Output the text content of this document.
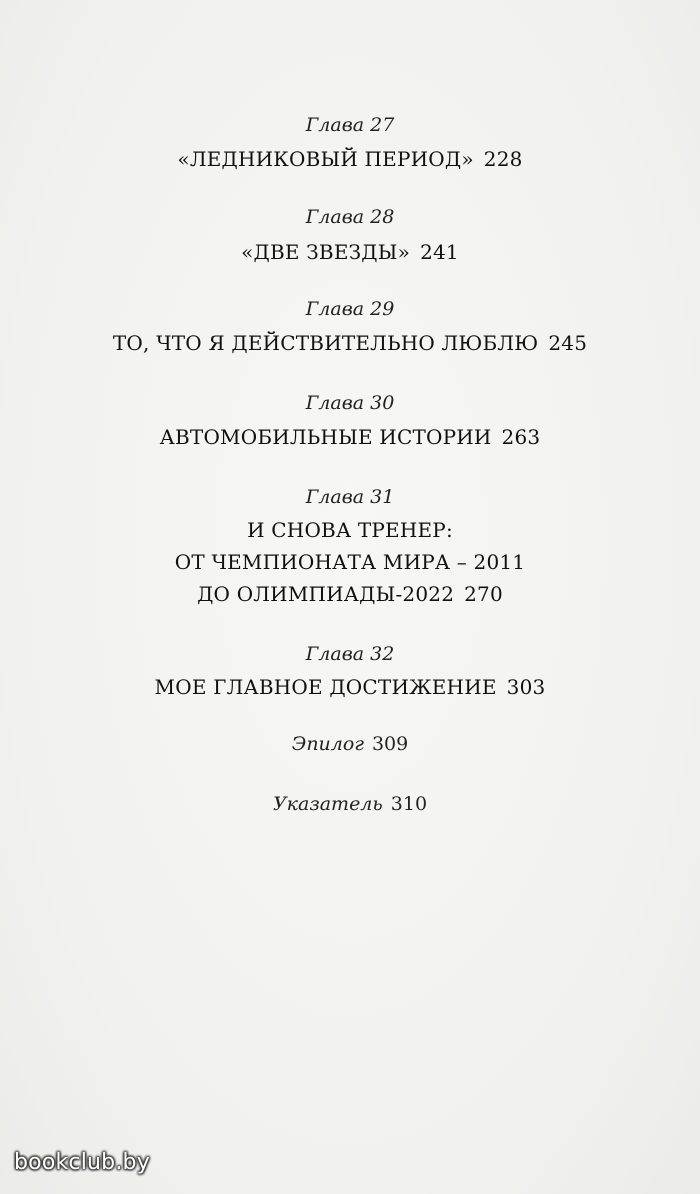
Глава 27
«ЛЕДНИКОВЫЙ ПЕРИОД» 228
Глава 28
«ДВЕ ЗВЕЗДЫ» 241
Глава 29
ТО, ЧТО Я ДЕЙСТВИТЕЛЬНО ЛЮБЛЮ 245
Глава 30
АВТОМОБИЛЬНЫЕ ИСТОРИИ 263
Глава 31
И СНОВА ТРЕНЕР:
ОТ ЧЕМПИОНАТА МИРА – 2011
ДО ОЛИМПИАДЫ-2022 270
Глава 32
МОЕ ГЛАВНОЕ ДОСТИЖЕНИЕ 303
Эпилог 309
Указатель 310
bookclub.by
